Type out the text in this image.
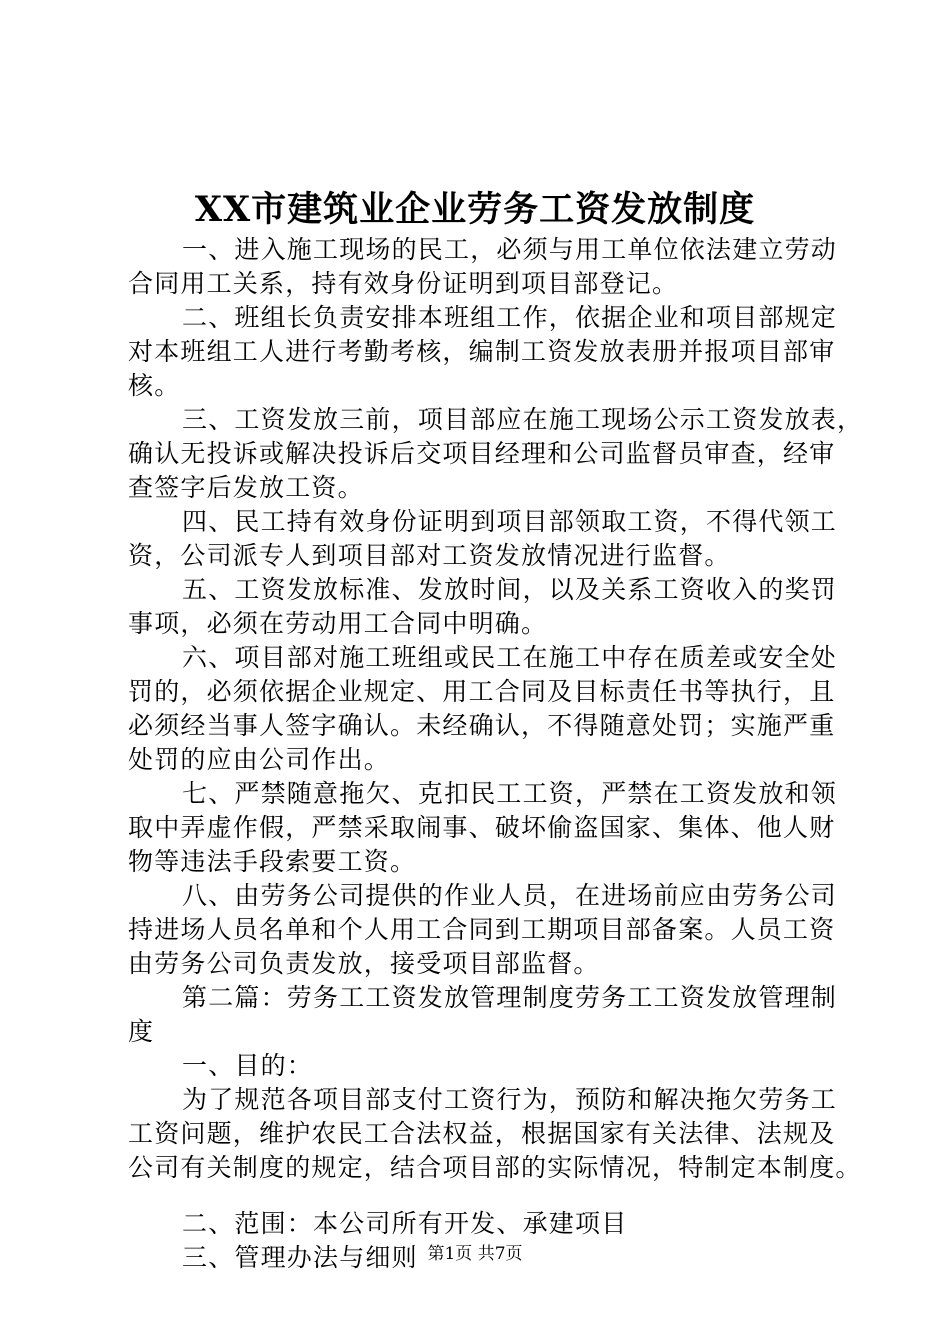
XX市建筑业企业劳务工资发放制度
一、进入施工现场的民工，必须与用工单位依法建立劳动
合同用工关系，持有效身份证明到项目部登记。
二、班组长负责安排本班组工作，依据企业和项目部规定
对本班组工人进行考勤考核，编制工资发放表册并报项目部审
核。
三、工资发放三前，项目部应在施工现场公示工资发放表，
确认无投诉或解决投诉后交项目经理和公司监督员审查，经审
查签字后发放工资。
四、民工持有效身份证明到项目部领取工资，不得代领工
资，公司派专人到项目部对工资发放情况进行监督。
五、工资发放标准、发放时间，以及关系工资收入的奖罚
事项，必须在劳动用工合同中明确。
六、项目部对施工班组或民工在施工中存在质差或安全处
罚的，必须依据企业规定、用工合同及目标责任书等执行，且
必须经当事人签字确认。未经确认，不得随意处罚；实施严重
处罚的应由公司作出。
七、严禁随意拖欠、克扣民工工资，严禁在工资发放和领
取中弄虚作假，严禁采取闹事、破坏偷盗国家、集体、他人财
物等违法手段索要工资。
八、由劳务公司提供的作业人员，在进场前应由劳务公司
持进场人员名单和个人用工合同到工期项目部备案。人员工资
由劳务公司负责发放，接受项目部监督。
第二篇：劳务工工资发放管理制度劳务工工资发放管理制
度
一、目的：
为了规范各项目部支付工资行为，预防和解决拖欠劳务工
工资问题，维护农民工合法权益，根据国家有关法律、法规及
公司有关制度的规定，结合项目部的实际情况，特制定本制度。
二、范围：本公司所有开发、承建项目
三、管理办法与细则 第1页 共7页
